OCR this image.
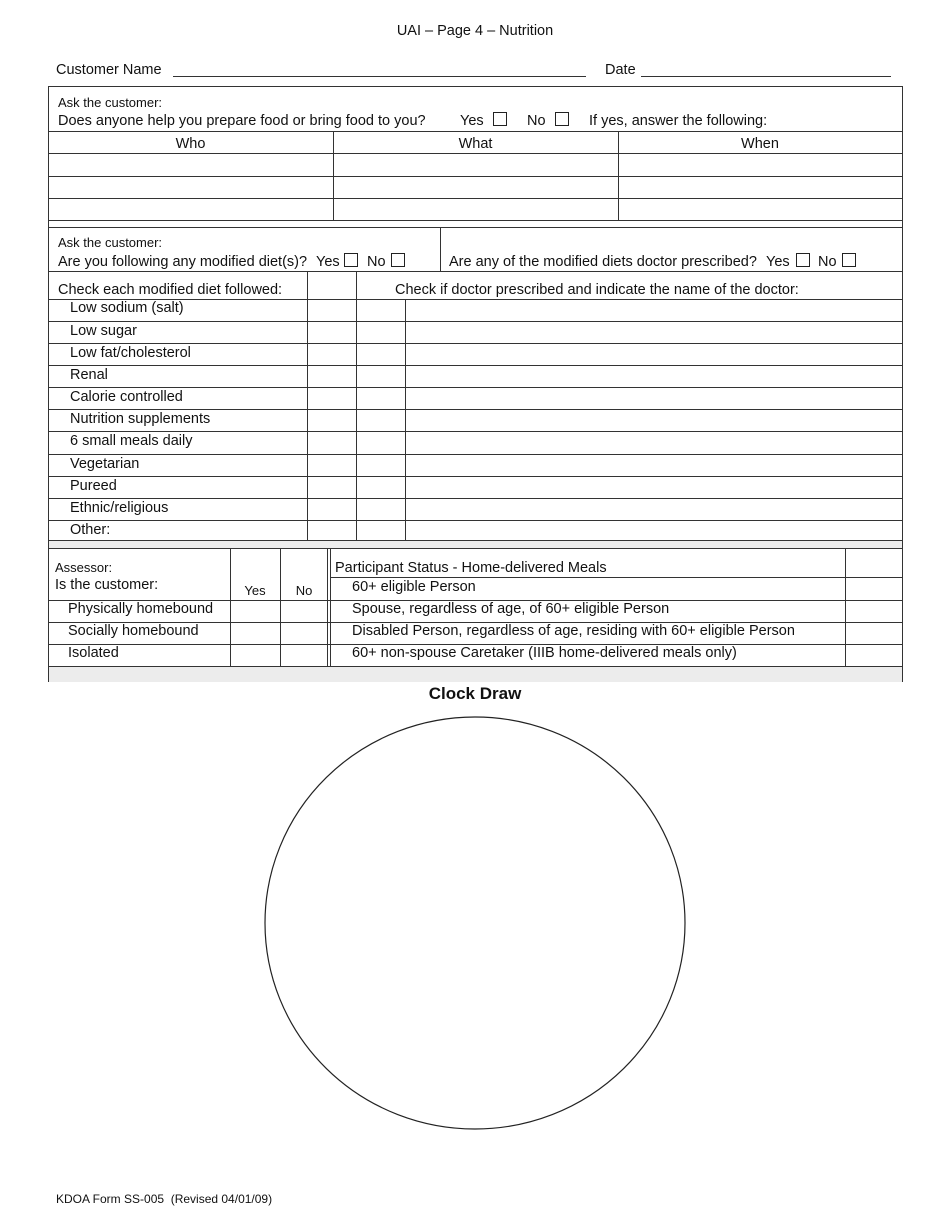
UAI – Page 4 – Nutrition
Customer Name	Date
Ask the customer:
Does anyone help you prepare food or bring food to you? Yes	No	If yes, answer the following:
Who	What	When
Ask the customer:
Are you following any modified diet(s)? Yes No	Are any of the modified diets doctor prescribed? Yes No
Check each modified diet followed:	Check if doctor prescribed and indicate the name of the doctor:
Low sodium (salt)
Low sugar
Low fat/cholesterol
Renal
Calorie controlled
Nutrition supplements
6 small meals daily
Vegetarian
Pureed
Ethnic/religious
Other:
Assessor:
Is the customer:	Yes	No
Physically homebound
Socially homebound
Isolated
Participant Status - Home-delivered Meals
60+ eligible Person
Spouse, regardless of age, of 60+ eligible Person
Disabled Person, regardless of age, residing with 60+ eligible Person
60+ non-spouse Caretaker (IIIB home-delivered meals only)
Clock Draw
KDOA Form SS-005  (Revised 04/01/09)
